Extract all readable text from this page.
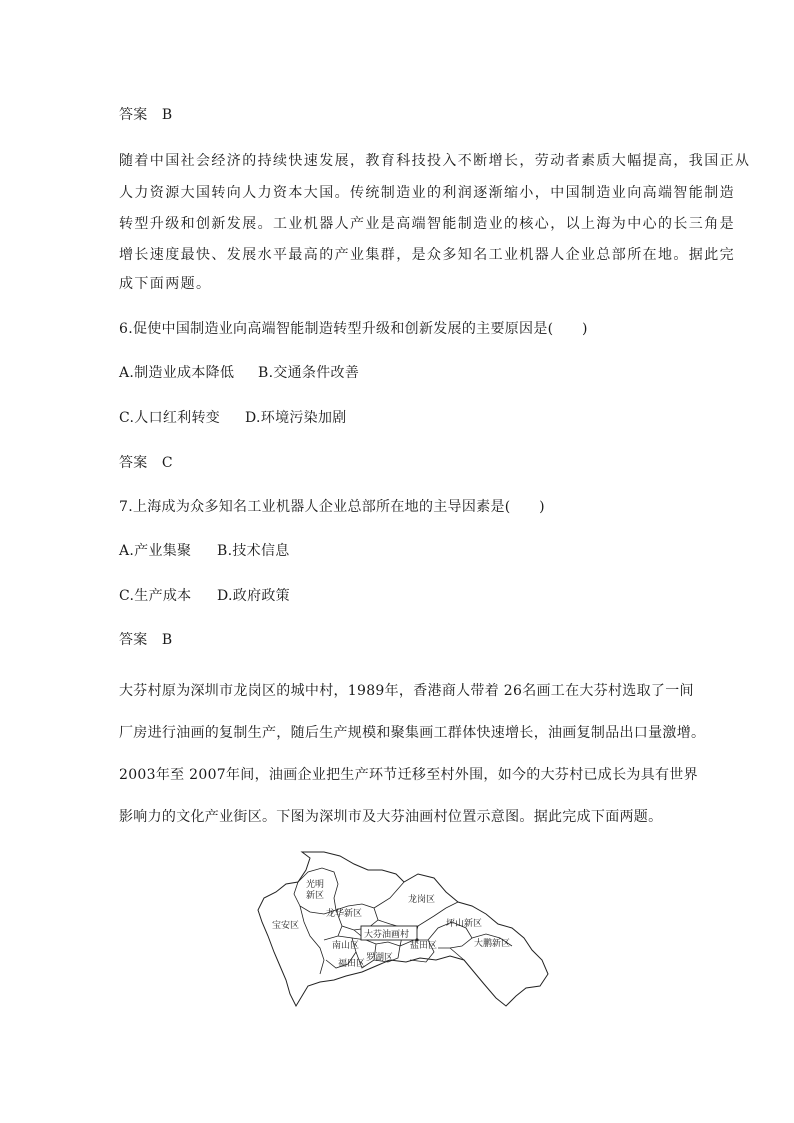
答案　B
随着中国社会经济的持续快速发展，教育科技投入不断增长，劳动者素质大幅提高，我国正从
人力资源大国转向人力资本大国。传统制造业的利润逐渐缩小，中国制造业向高端智能制造
转型升级和创新发展。工业机器人产业是高端智能制造业的核心，以上海为中心的长三角是
增长速度最快、发展水平最高的产业集群，是众多知名工业机器人企业总部所在地。据此完
成下面两题。
6.促使中国制造业向高端智能制造转型升级和创新发展的主要原因是(　　)
A.制造业成本降低 B.交通条件改善
C.人口红利转变 D.环境污染加剧
答案　C
7.上海成为众多知名工业机器人企业总部所在地的主导因素是(　　)
A.产业集聚 B.技术信息
C.生产成本 D.政府政策
答案　B
大芬村原为深圳市龙岗区的城中村，1989年，香港商人带着 26名画工在大芬村选取了一间
厂房进行油画的复制生产，随后生产规模和聚集画工群体快速增长，油画复制品出口量激增。
2003年至 2007年间，油画企业把生产环节迁移至村外围，如今的大芬村已成长为具有世界
影响力的文化产业街区。下图为深圳市及大芬油画村位置示意图。据此完成下面两题。
光明
新区
龙华新区
宝安区
龙岗区
坪山新区
大芬油画村
南山区
福田区
罗湖区
盐田区	大鹏新区
